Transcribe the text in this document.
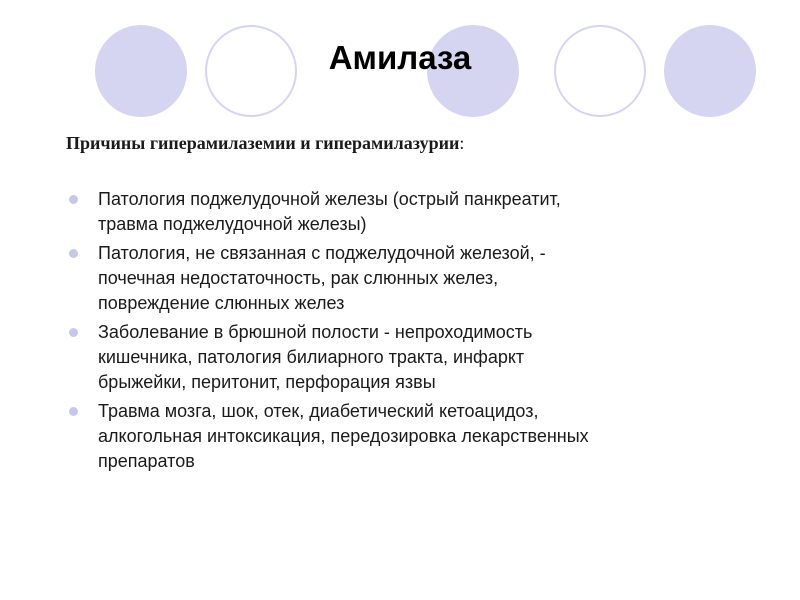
Амилаза

Причины гиперамилаземии и гиперамилазурии:

Патология поджелудочной железы (острый панкреатит,
травма поджелудочной железы)
Патология, не связанная с поджелудочной железой, -
почечная недостаточность, рак слюнных желез,
повреждение слюнных желез
Заболевание в брюшной полости - непроходимость
кишечника, патология билиарного тракта, инфаркт
брыжейки, перитонит, перфорация язвы
Травма мозга, шок, отек, диабетический кетоацидоз,
алкогольная интоксикация, передозировка лекарственных
препаратов
